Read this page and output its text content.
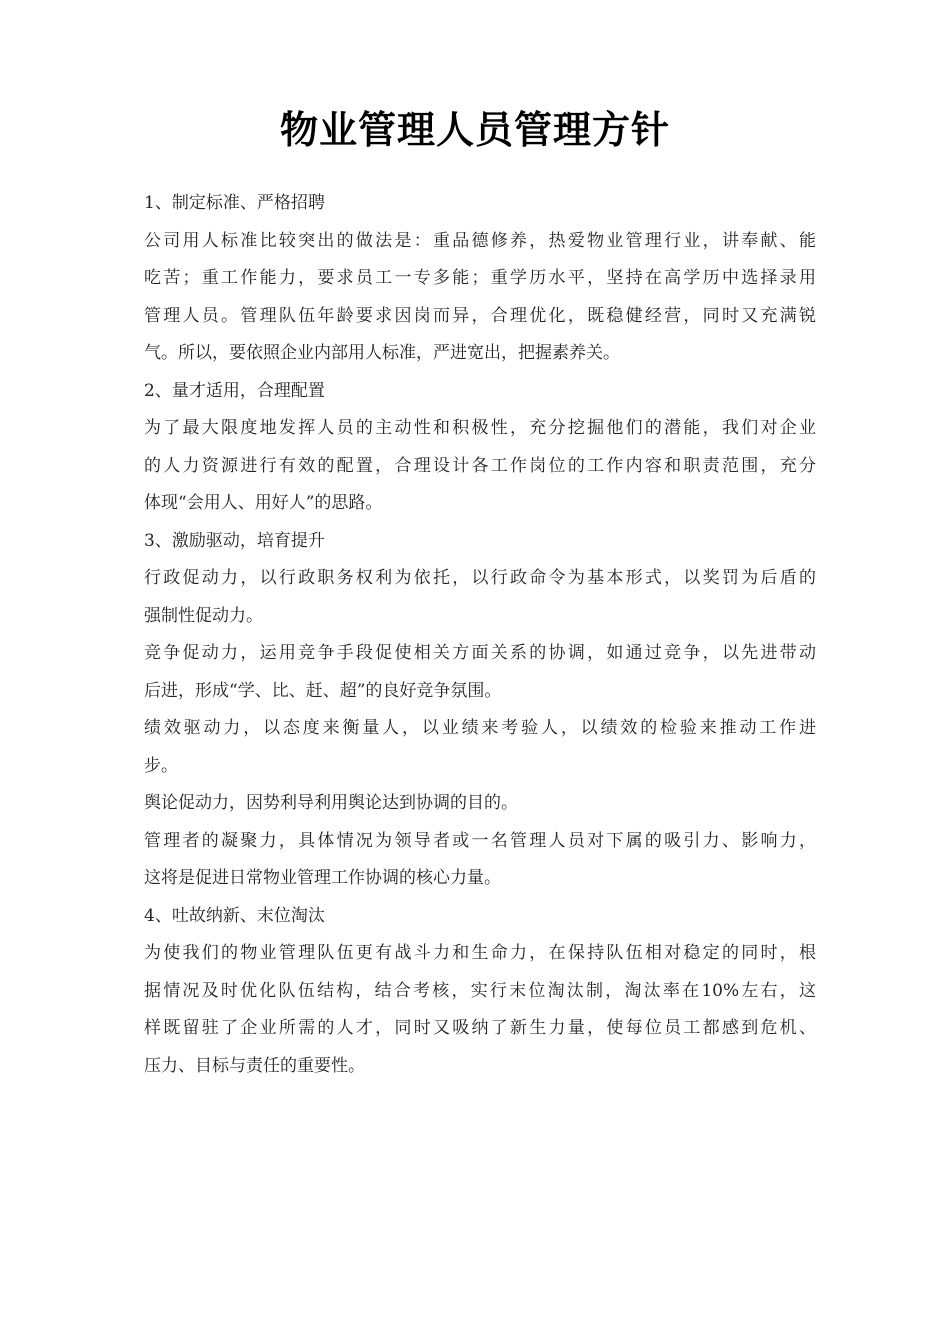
物业管理人员管理方针
1、制定标准、严格招聘
公司用人标准比较突出的做法是：重品德修养，热爱物业管理行业，讲奉献、能
吃苦；重工作能力，要求员工一专多能；重学历水平，坚持在高学历中选择录用
管理人员。管理队伍年龄要求因岗而异，合理优化，既稳健经营，同时又充满锐
气。所以，要依照企业内部用人标准，严进宽出，把握素养关。
2、量才适用，合理配置
为了最大限度地发挥人员的主动性和积极性，充分挖掘他们的潜能，我们对企业
的人力资源进行有效的配置，合理设计各工作岗位的工作内容和职责范围，充分
体现“会用人、用好人”的思路。
3、激励驱动，培育提升
行政促动力，以行政职务权利为依托，以行政命令为基本形式，以奖罚为后盾的
强制性促动力。
竞争促动力，运用竞争手段促使相关方面关系的协调，如通过竞争，以先进带动
后进，形成“学、比、赶、超”的良好竞争氛围。
绩效驱动力，以态度来衡量人，以业绩来考验人，以绩效的检验来推动工作进
步。
舆论促动力，因势利导利用舆论达到协调的目的。
管理者的凝聚力，具体情况为领导者或一名管理人员对下属的吸引力、影响力，
这将是促进日常物业管理工作协调的核心力量。
4、吐故纳新、末位淘汰
为使我们的物业管理队伍更有战斗力和生命力，在保持队伍相对稳定的同时，根
据情况及时优化队伍结构，结合考核，实行末位淘汰制，淘汰率在10%左右，这
样既留驻了企业所需的人才，同时又吸纳了新生力量，使每位员工都感到危机、
压力、目标与责任的重要性。
